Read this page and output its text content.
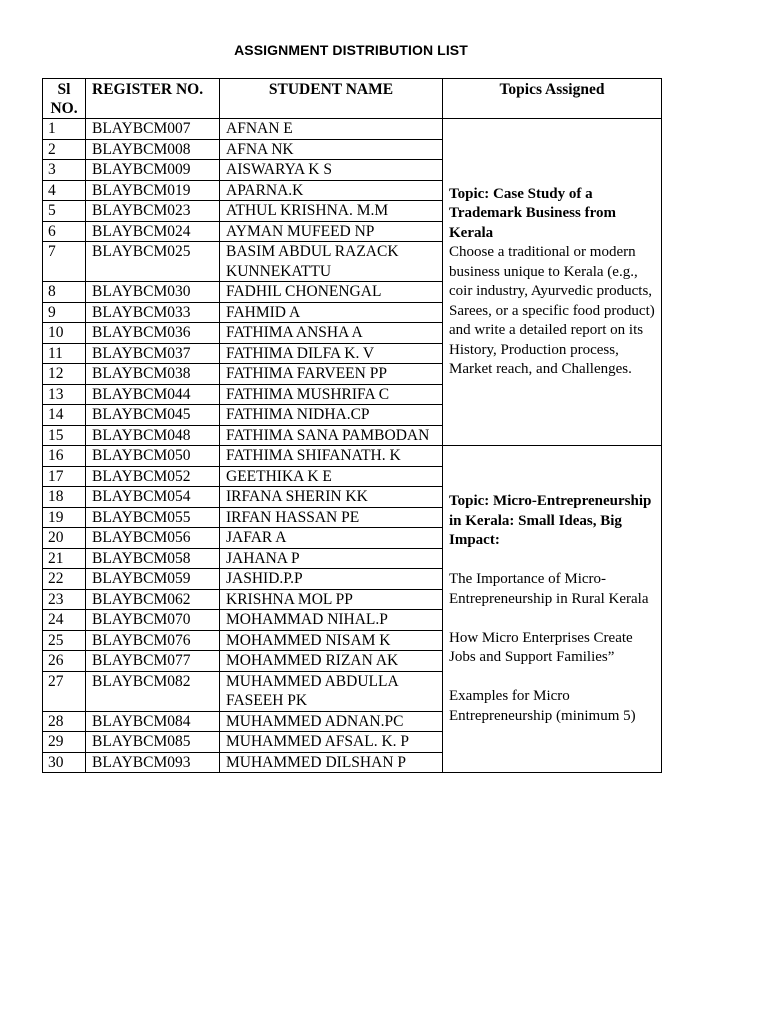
ASSIGNMENT DISTRIBUTION LIST
Sl NO.	REGISTER NO.	STUDENT NAME	Topics Assigned
1	BLAYBCM007	AFNAN E	Topic: Case Study of a Trademark Business from Kerala
Choose a traditional or modern business unique to Kerala (e.g., coir industry, Ayurvedic products, Sarees, or a specific food product) and write a detailed report on its History, Production process, Market reach, and Challenges.

2	BLAYBCM008	AFNA NK	
3	BLAYBCM009	AISWARYA K S	
4	BLAYBCM019	APARNA.K	
5	BLAYBCM023	ATHUL KRISHNA. M.M	
6	BLAYBCM024	AYMAN MUFEED NP	
7	BLAYBCM025	BASIM ABDUL RAZACK KUNNEKATTU	
8	BLAYBCM030	FADHIL CHONENGAL	
9	BLAYBCM033	FAHMID A	
10	BLAYBCM036	FATHIMA ANSHA A	
11	BLAYBCM037	FATHIMA DILFA K. V	
12	BLAYBCM038	FATHIMA FARVEEN PP	
13	BLAYBCM044	FATHIMA MUSHRIFA C	
14	BLAYBCM045	FATHIMA NIDHA.CP	
15	BLAYBCM048	FATHIMA SANA PAMBODAN	
16	BLAYBCM050	FATHIMA SHIFANATH. K	Topic: Micro-Entrepreneurship in Kerala: Small Ideas, Big Impact:
The Importance of Micro-Entrepreneurship in Rural Kerala
How Micro Enterprises Create Jobs and Support Families”
Examples for Micro Entrepreneurship (minimum 5)

17	BLAYBCM052	GEETHIKA K E	
18	BLAYBCM054	IRFANA SHERIN KK	
19	BLAYBCM055	IRFAN HASSAN PE	
20	BLAYBCM056	JAFAR A	
21	BLAYBCM058	JAHANA P	
22	BLAYBCM059	JASHID.P.P	
23	BLAYBCM062	KRISHNA MOL PP	
24	BLAYBCM070	MOHAMMAD NIHAL.P	
25	BLAYBCM076	MOHAMMED NISAM K	
26	BLAYBCM077	MOHAMMED RIZAN AK	
27	BLAYBCM082	MUHAMMED ABDULLA FASEEH PK	
28	BLAYBCM084	MUHAMMED ADNAN.PC	
29	BLAYBCM085	MUHAMMED AFSAL. K. P	
30	BLAYBCM093	MUHAMMED DILSHAN P	
